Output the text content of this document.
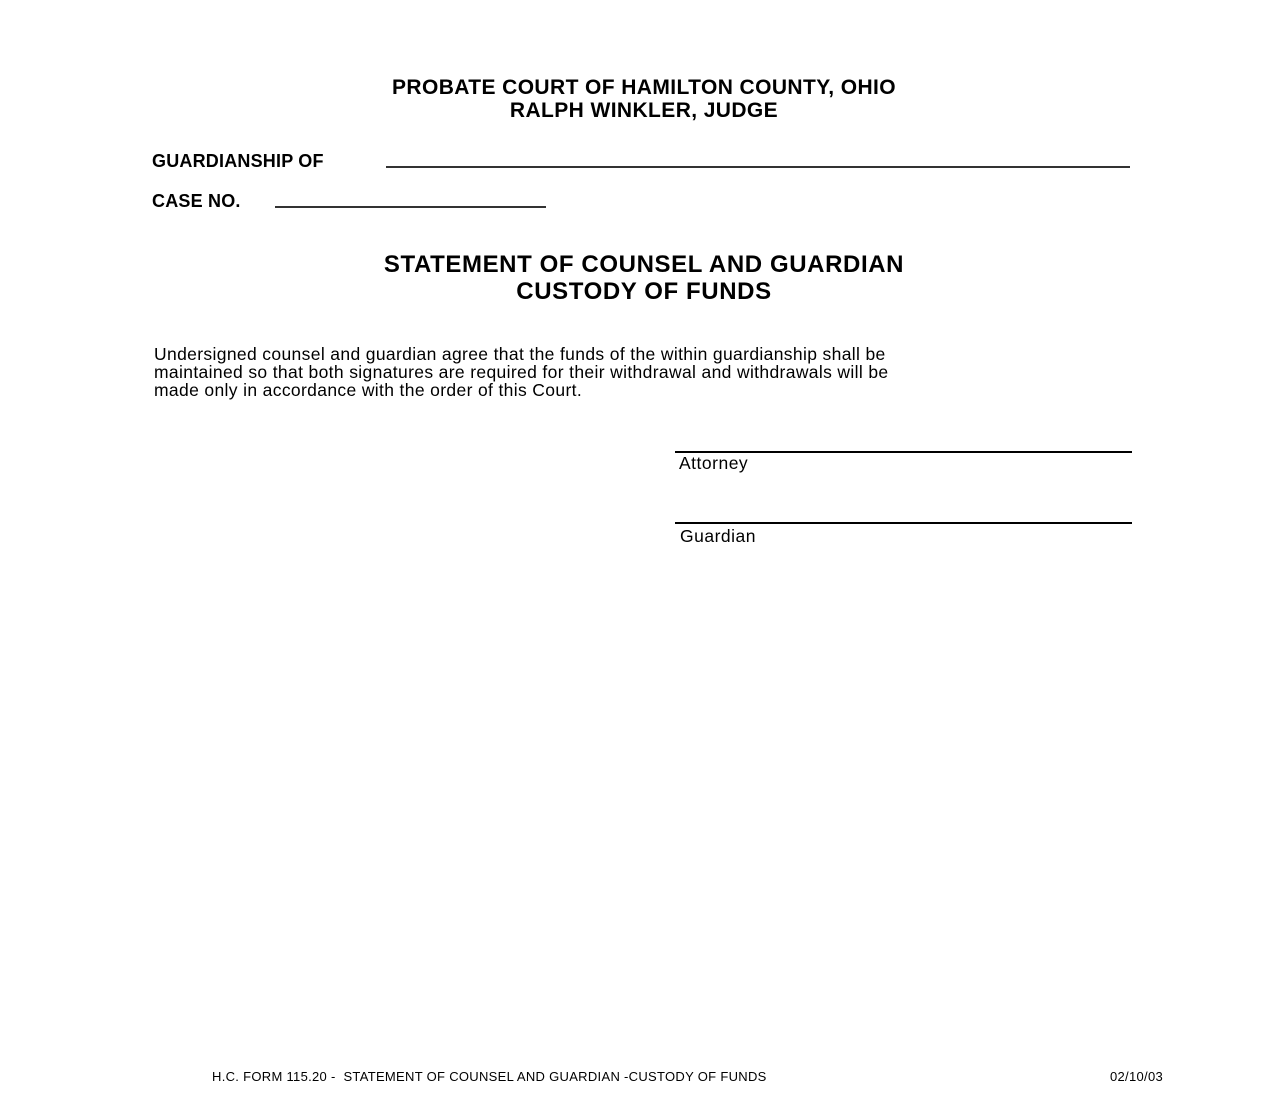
PROBATE COURT OF HAMILTON COUNTY, OHIO
RALPH WINKLER, JUDGE
GUARDIANSHIP OF
CASE NO.
STATEMENT OF COUNSEL AND GUARDIAN
CUSTODY OF FUNDS
Undersigned counsel and guardian agree that the funds of the within guardianship shall be
maintained so that both signatures are required for their withdrawal and withdrawals will be
made only in accordance with the order of this Court.
Attorney
Guardian
H.C. FORM 115.20 -  STATEMENT OF COUNSEL AND GUARDIAN -CUSTODY OF FUNDS	02/10/03
